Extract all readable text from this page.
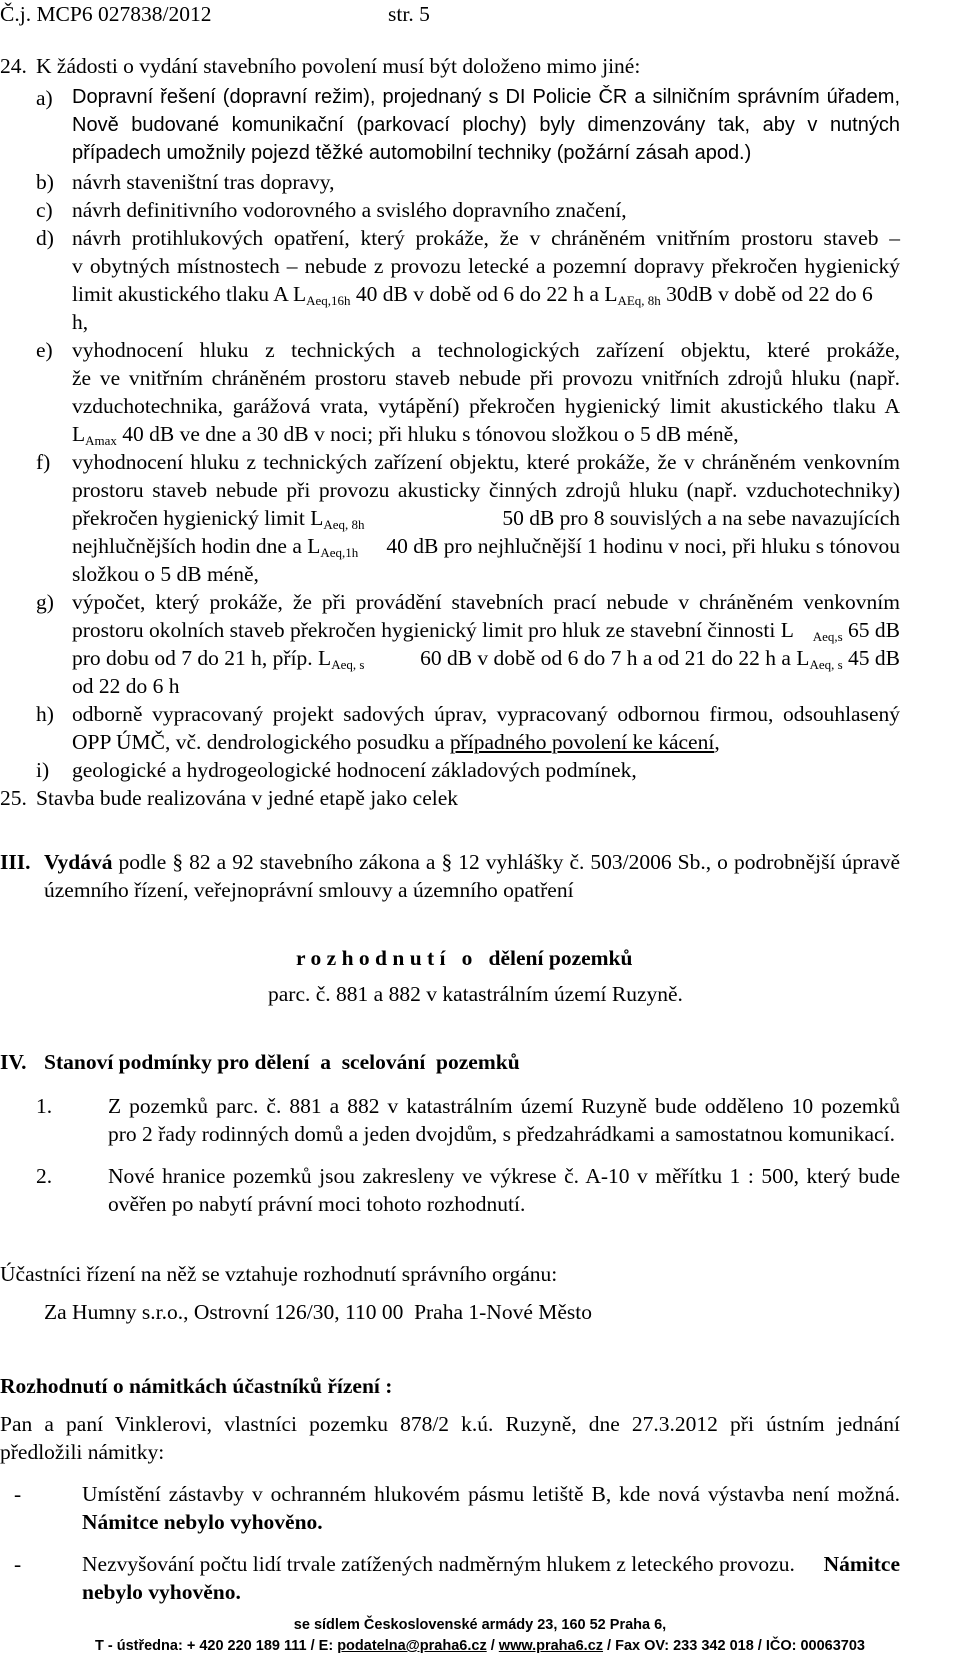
Č.j. MCP6 027838/2012	str. 5
24. K žádosti o vydání stavebního povolení musí být doloženo mimo jiné:
a) Dopravní řešení (dopravní režim), projednaný s DI Policie ČR a silničním správním úřadem,
Nově budované komunikační (parkovací plochy) byly dimenzovány tak, aby v nutných
případech umožnily pojezd těžké automobilní techniky (požární zásah apod.)
b) návrh staveništní tras dopravy,
c) návrh definitivního vodorovného a svislého dopravního značení,
d) návrh protihlukových opatření, který prokáže, že v chráněném vnitřním prostoru staveb –
v obytných místnostech – nebude z provozu letecké a pozemní dopravy překročen hygienický
limit akustického tlaku A $L_{Aeq,16h}$ 40 dB v době od 6 do 22 h a $L_{AEq, 8h}$ 30dB v době od 22 do 6
h,
e) vyhodnocení hluku z technických a technologických zařízení objektu, které prokáže,
že ve vnitřním chráněném prostoru staveb nebude při provozu vnitřních zdrojů hluku (např.
vzduchotechnika, garážová vrata, vytápění) překročen hygienický limit akustického tlaku A
$L_{Amax}$ 40 dB ve dne a 30 dB v noci; při hluku s tónovou složkou o 5 dB méně,
f) vyhodnocení hluku z technických zařízení objektu, které prokáže, že v chráněném venkovním
prostoru staveb nebude při provozu akusticky činných zdrojů hluku (např. vzduchotechniky)
překročen hygienický limit $L_{Aeq, 8h}$	50 dB pro 8 souvislých a na sebe navazujících
nejhlučnějších hodin dne a $L_{Aeq,1h}$ 40 dB pro nejhlučnější 1 hodinu v noci, při hluku s tónovou
složkou o 5 dB méně,
g) výpočet, který prokáže, že při provádění stavebních prací nebude v chráněném venkovním
prostoru okolních staveb překročen hygienický limit pro hluk ze stavební činnosti L $_{Aeq,s}$ 65 dB
pro dobu od 7 do 21 h, příp. $L_{Aeq, s}$	60 dB v době od 6 do 7 h a od 21 do 22 h a $L_{Aeq, s}$ 45 dB
od 22 do 6 h
h) odborně vypracovaný projekt sadových úprav, vypracovaný odbornou firmou, odsouhlasený
OPP ÚMČ, vč. dendrologického posudku a případného povolení ke kácení,
i) geologické a hydrogeologické hodnocení základových podmínek,
25. Stavba bude realizována v jedné etapě jako celek
III. Vydává podle § 82 a 92 stavebního zákona a § 12 vyhlášky č. 503/2006 Sb., o podrobnější úpravě
územního řízení, veřejnoprávní smlouvy a územního opatření
r o z h o d n u t í   o   dělení pozemků
parc. č. 881 a 882 v katastrálním území Ruzyně.
IV. Stanoví podmínky pro dělení  a  scelování  pozemků
1.	Z pozemků parc. č. 881 a 882 v katastrálním území Ruzyně bude odděleno 10 pozemků
pro 2 řady rodinných domů a jeden dvojdům, s předzahrádkami a samostatnou komunikací.
2.	Nové hranice pozemků jsou zakresleny ve výkrese č. A-10 v měřítku 1 : 500, který bude
ověřen po nabytí právní moci tohoto rozhodnutí.
Účastníci řízení na něž se vztahuje rozhodnutí správního orgánu:
Za Humny s.r.o., Ostrovní 126/30, 110 00  Praha 1-Nové Město
Rozhodnutí o námitkách účastníků řízení :
Pan a paní Vinklerovi, vlastníci pozemku 878/2 k.ú. Ruzyně, dne 27.3.2012 při ústním jednání
předložili námitky:
-	Umístění zástavby v ochranném hlukovém pásmu letiště B, kde nová výstavba není možná.
Námitce nebylo vyhověno.
-	Nezvyšování počtu lidí trvale zatížených nadměrným hlukem z leteckého provozu. Námitce
nebylo vyhověno.
se sídlem Československé armády 23, 160 52 Praha 6,
T - ústředna: + 420 220 189 111 / E: podatelna@praha6.cz / www.praha6.cz / Fax OV: 233 342 018 / IČO: 00063703
